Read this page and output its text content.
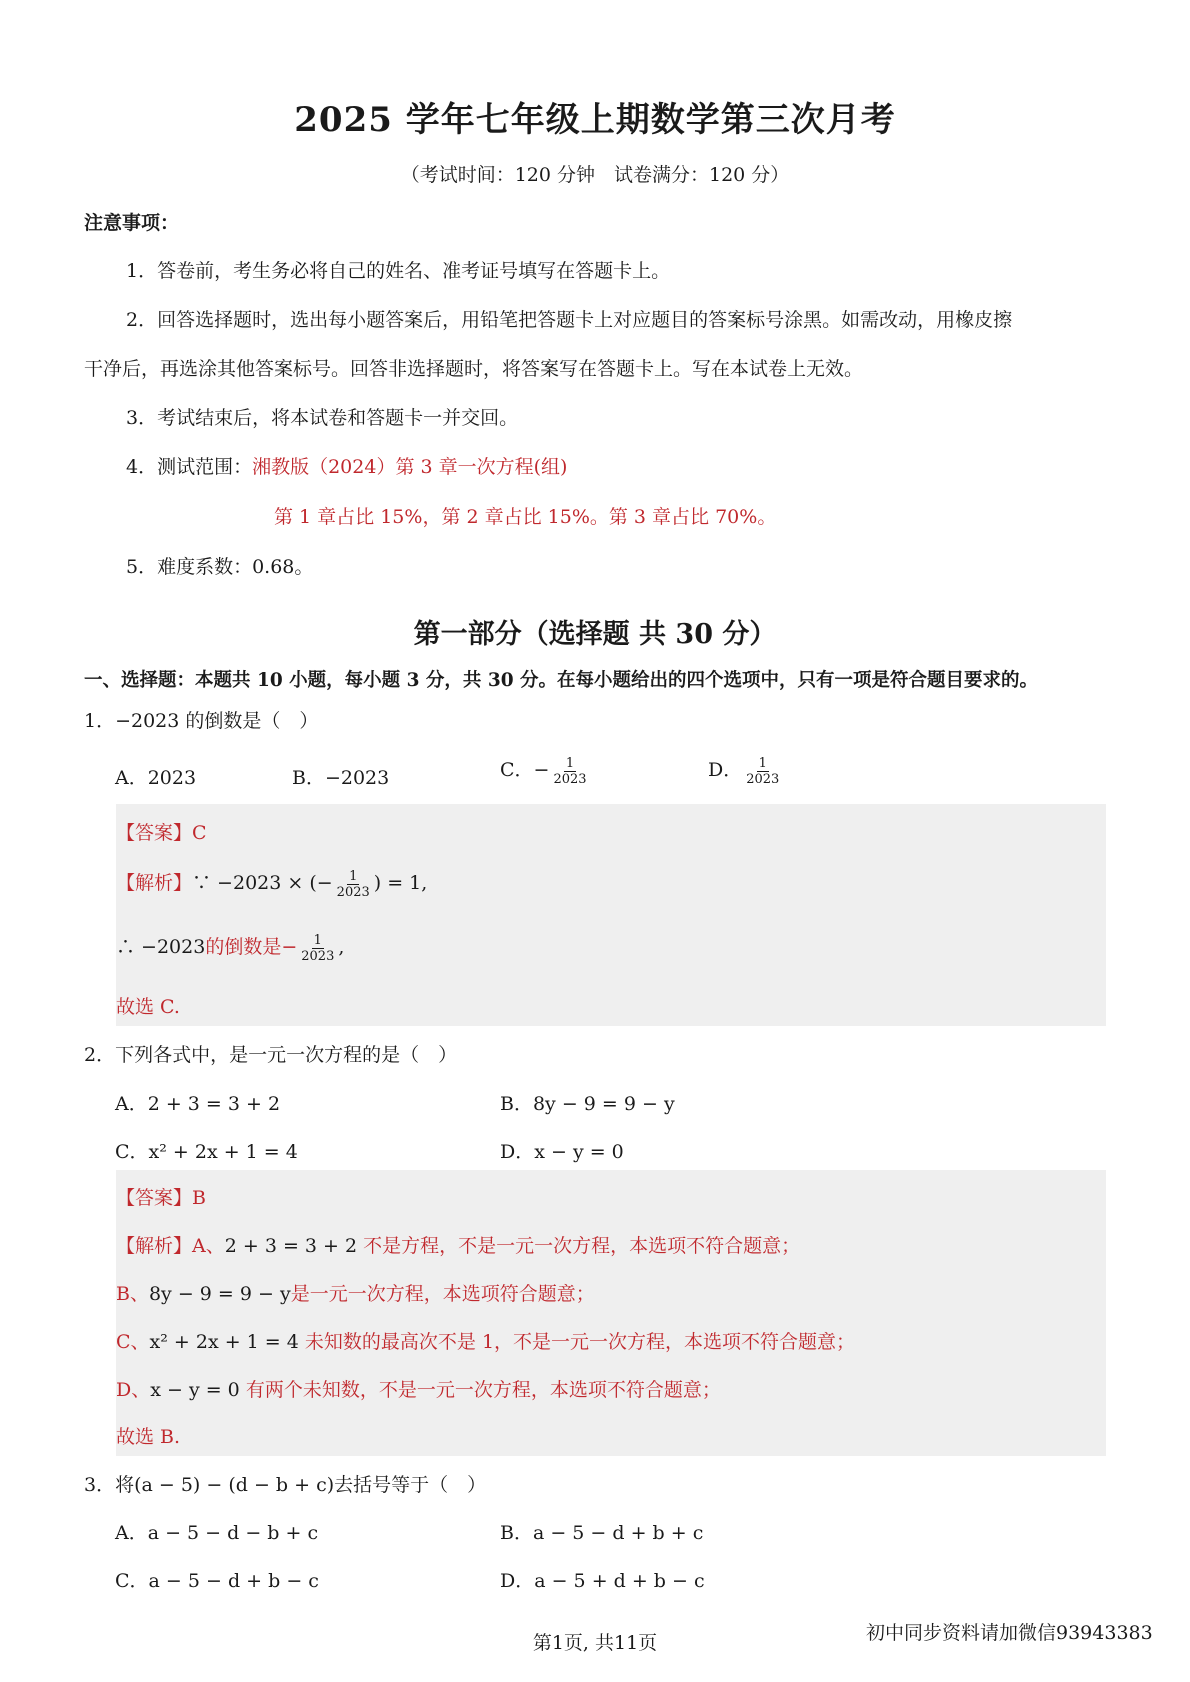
2025 学年七年级上期数学第三次月考
（考试时间：120 分钟　试卷满分：120 分）
注意事项：
1．答卷前，考生务必将自己的姓名、准考证号填写在答题卡上。
2．回答选择题时，选出每小题答案后，用铅笔把答题卡上对应题目的答案标号涂黑。如需改动，用橡皮擦
干净后，再选涂其他答案标号。回答非选择题时，将答案写在答题卡上。写在本试卷上无效。
3．考试结束后，将本试卷和答题卡一并交回。
4．测试范围：湘教版（2024）第 3 章一次方程(组)
第 1 章占比 15%，第 2 章占比 15%。第 3 章占比 70%。
5．难度系数：0.68。
第一部分（选择题 共 30 分）
一、选择题：本题共 10 小题，每小题 3 分，共 30 分。在每小题给出的四个选项中，只有一项是符合题目要求的。
1．−2023 的倒数是（　）
A．2023	B．−2023	C．− $\frac{1}{2023}$	D． $\frac{1}{2023}$
【答案】C
【解析】∵ −2023 × (− $\frac{1}{2023}$ ) = 1,
∴ −2023的倒数是− $\frac{1}{2023}$ ,
故选 C.
2．下列各式中，是一元一次方程的是（　）
A．2 + 3 = 3 + 2	B．8y − 9 = 9 − y
C．x² + 2x + 1 = 4	D．x − y = 0
【答案】B
【解析】A、2 + 3 = 3 + 2 不是方程，不是一元一次方程，本选项不符合题意；
B、8y − 9 = 9 − y是一元一次方程，本选项符合题意；
C、x² + 2x + 1 = 4 未知数的最高次不是 1，不是一元一次方程，本选项不符合题意；
D、x − y = 0 有两个未知数，不是一元一次方程，本选项不符合题意；
故选 B.
3．将(a − 5) − (d − b + c)去括号等于（　）
A．a − 5 − d − b + c	B．a − 5 − d + b + c
C．a − 5 − d + b − c	D．a − 5 + d + b − c
第1页, 共11页	初中同步资料请加微信93943383
